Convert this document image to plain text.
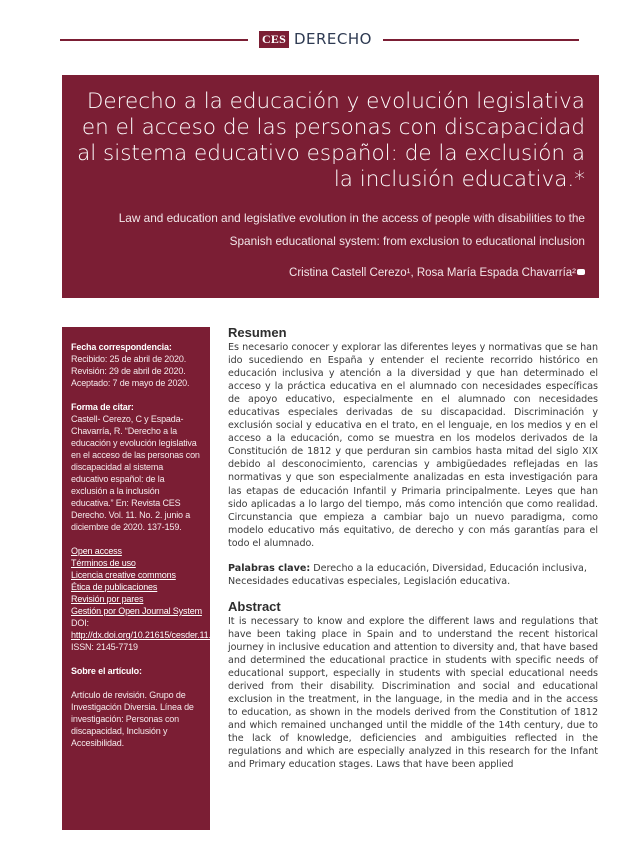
CES DERECHO
Derecho a la educación y evolución legislativa en el acceso de las personas con discapacidad al sistema educativo español: de la exclusión a la inclusión educativa.*
Law and education and legislative evolution in the access of people with disabilities to the Spanish educational system: from exclusion to educational inclusion
Cristina Castell Cerezo¹, Rosa María Espada Chavarría²
Fecha correspondencia:
Recibido: 25 de abril de 2020.
Revisión: 29 de abril de 2020.
Aceptado: 7 de mayo de 2020.
Forma de citar:
Castell- Cerezo, C y Espada-Chavarría, R. “Derecho a la educación y evolución legislativa en el acceso de las personas con discapacidad al sistema educativo español: de la exclusión a la inclusión educativa.” En: Revista CES Derecho. Vol. 11. No. 2. junio a diciembre de 2020. 137-159.
Open access
Términos de uso
Licencia creative commons
Ética de publicaciones
Revisión por pares
Gestión por Open Journal System
DOI: http://dx.doi.org/10.21615/cesder.11.2.8
ISSN: 2145-7719
Sobre el artículo:
Artículo de revisión. Grupo de Investigación Diversia. Línea de investigación: Personas con discapacidad, Inclusión y Accesibilidad.
Resumen
Es necesario conocer y explorar las diferentes leyes y normativas que se han ido sucediendo en España y entender el reciente recorrido histórico en educación inclusiva y atención a la diversidad y que han determinado el acceso y la práctica educativa en el alumnado con necesidades específicas de apoyo educativo, especialmente en el alumnado con necesidades educativas especiales derivadas de su discapacidad. Discriminación y exclusión social y educativa en el trato, en el lenguaje, en los medios y en el acceso a la educación, como se muestra en los modelos derivados de la Constitución de 1812 y que perduran sin cambios hasta mitad del siglo XIX debido al desconocimiento, carencias y ambigüedades reflejadas en las normativas y que son especialmente analizadas en esta investigación para las etapas de educación Infantil y Primaria principalmente. Leyes que han sido aplicadas a lo largo del tiempo, más como intención que como realidad. Circunstancia que empieza a cambiar bajo un nuevo paradigma, como modelo educativo más equitativo, de derecho y con más garantías para el todo el alumnado.
Palabras clave: Derecho a la educación, Diversidad, Educación inclusiva, Necesidades educativas especiales, Legislación educativa.
Abstract
It is necessary to know and explore the different laws and regulations that have been taking place in Spain and to understand the recent historical journey in inclusive education and attention to diversity and, that have based and determined the educational practice in students with specific needs of educational support, especially in students with special educational needs derived from their disability. Discrimination and social and educational exclusion in the treatment, in the language, in the media and in the access to education, as shown in the models derived from the Constitution of 1812 and which remained unchanged until the middle of the 14th century, due to the lack of knowledge, deficiencies and ambiguities reflected in the regulations and which are especially analyzed in this research for the Infant and Primary education stages. Laws that have been applied
